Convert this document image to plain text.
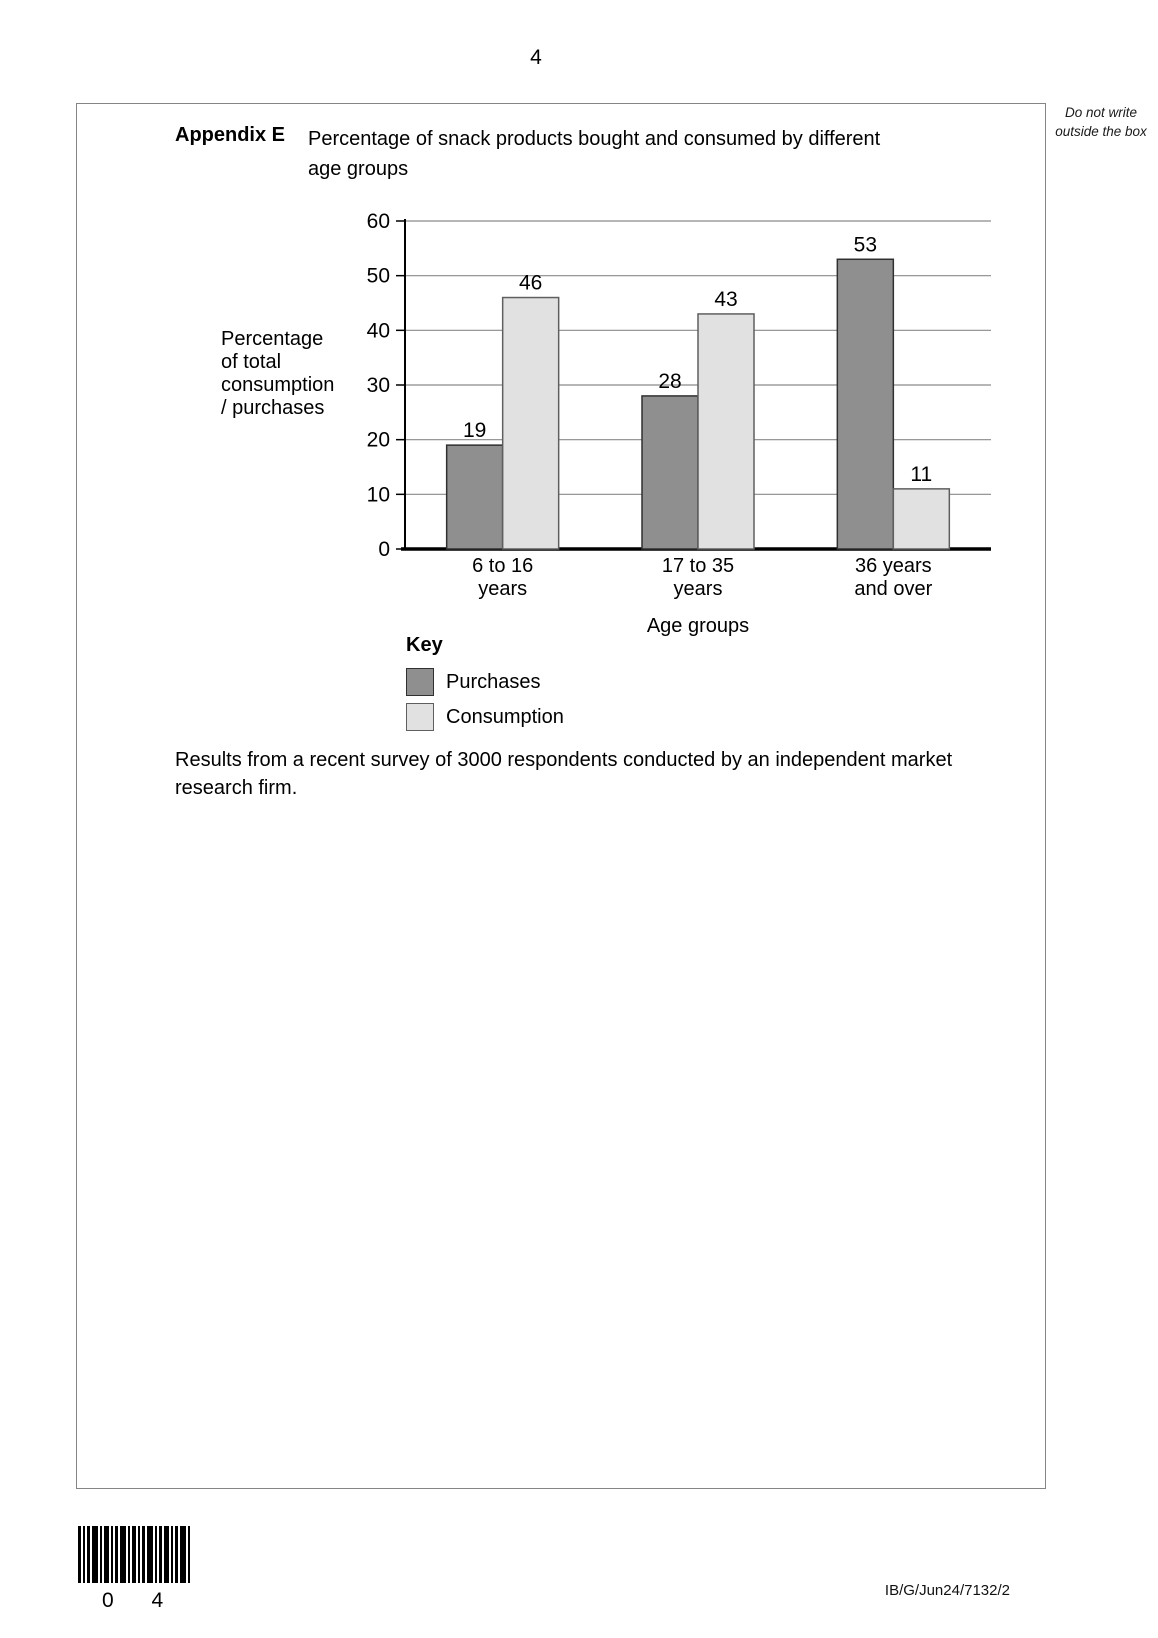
4
Do not write outside the box
Appendix E	Percentage of snack products bought and consumed by different age groups
0
10
20
30
40
50
60
19
28
53
46
43
11
6 to 16
years
17 to 35
years
36 years
and over
Age groups
Percentage
of total
consumption
/ purchases
Key
Purchases
Consumption

Results from a recent survey of 3000 respondents conducted by an independent market research firm.

0 4	IB/G/Jun24/7132/2
